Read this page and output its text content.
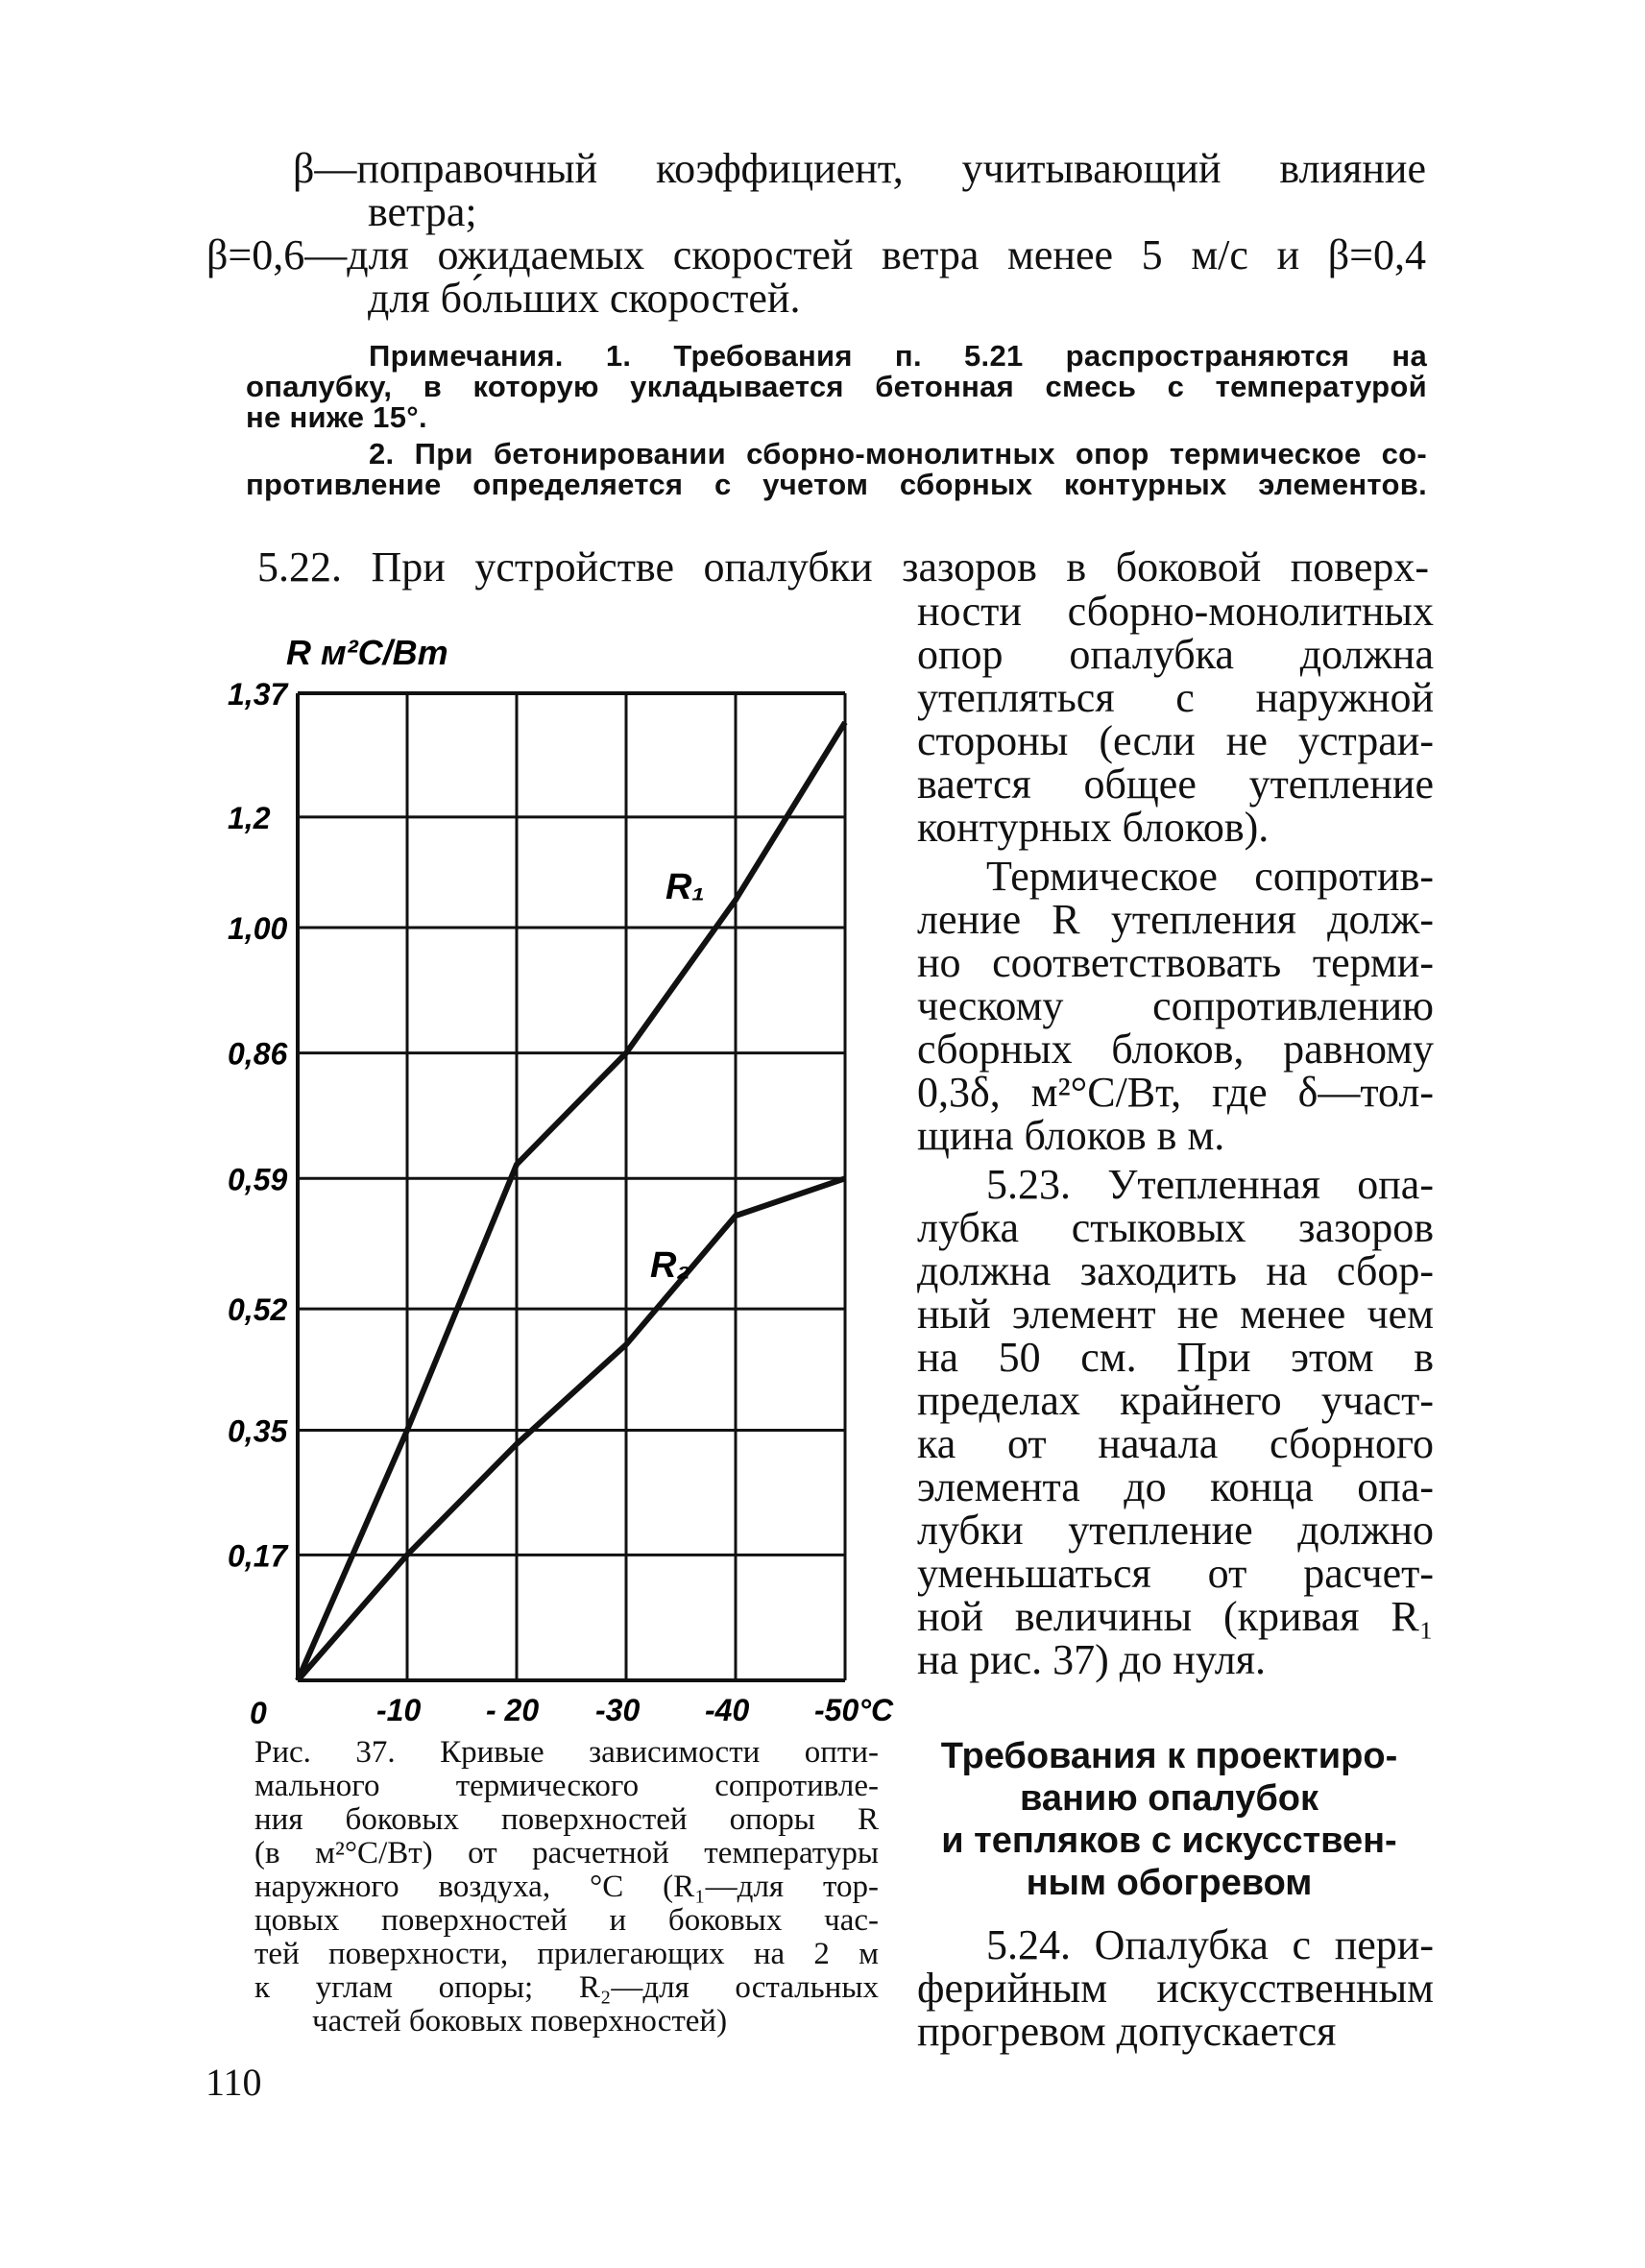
β—поправочный коэффициент, учитывающий влияние
ветра;
β=0,6—для ожидаемых скоростей ветра менее 5 м/с и β=0,4
для бо́льших скоростей.
Примечания. 1. Требования п. 5.21 распространяются на
опалубку, в которую укладывается бетонная смесь с температурой
не ниже 15°.
2. При бетонировании сборно-монолитных опор термическое со-
противление определяется с учетом сборных контурных элементов.
5.22. При устройстве опалубки зазоров в боковой поверх-
ности сборно-монолитных
опор опалубка должна
утепляться с наружной
стороны (если не устраи-
вается общее утепление
контурных блоков).
Термическое сопротив-
ление R утепления долж-
но соответствовать терми-
ческому сопротивлению
сборных блоков, равному
0,3δ, м²°С/Вт, где δ—тол-
щина блоков в м.
5.23. Утепленная опа-
лубка стыковых зазоров
должна заходить на сбор-
ный элемент не менее чем
на 50 см. При этом в
пределах крайнего участ-
ка от начала сборного
элемента до конца опа-
лубки утепление должно
уменьшаться от расчет-
ной величины (кривая R₁
на рис. 37) до нуля.
Требования к проектиро-
ванию опалубок
и тепляков с искусствен-
ным обогревом
5.24. Опалубка с пери-
ферийным искусственным
прогревом допускается
0
0,17
0,35
0,52
0,59
0,86
1,00
1,2
1,37
-10 - 20 -30 -40 -50°С
R м²С/Вт
R₁
R₂
Рис. 37. Кривые зависимости опти-
мального термического сопротивле-
ния боковых поверхностей опоры R
(в м²°С/Вт) от расчетной температуры
наружного воздуха, °С (R₁—для тор-
цовых поверхностей и боковых час-
тей поверхности, прилегающих на 2 м
к углам опоры; R₂—для остальных
частей боковых поверхностей)
110
